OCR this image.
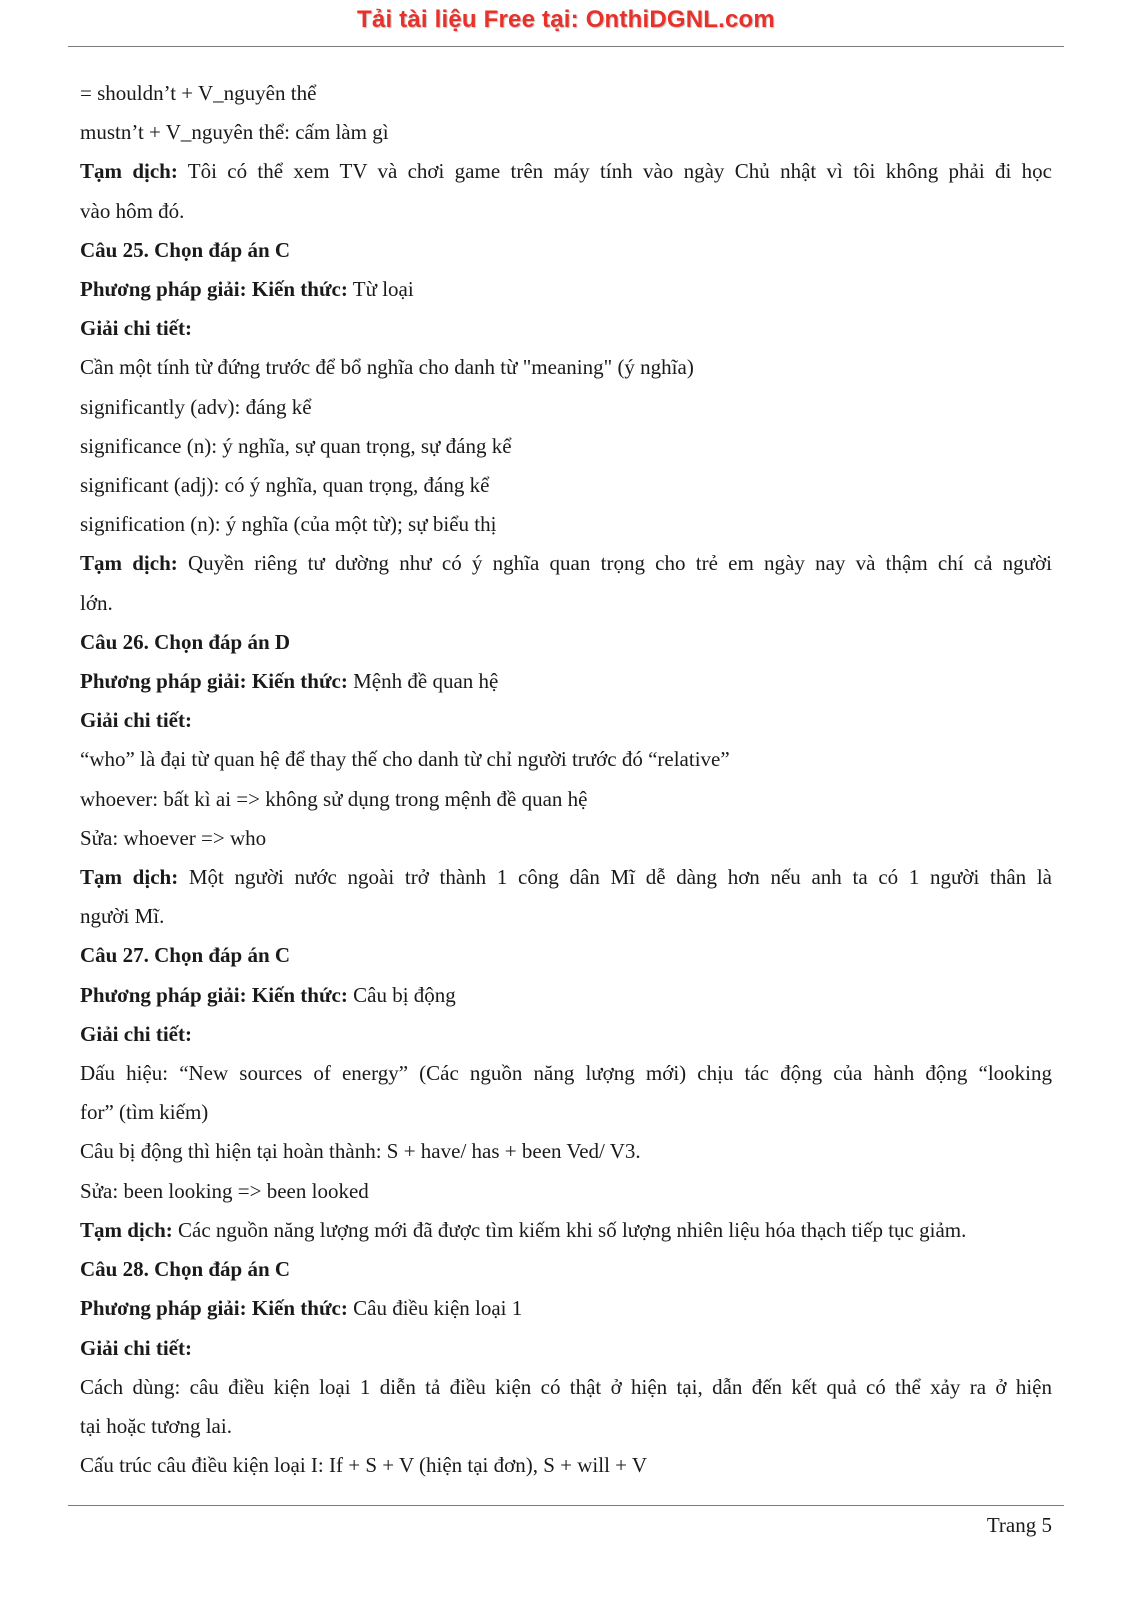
Tải tài liệu Free tại: OnthiDGNL.com
= shouldn’t + V_nguyên thể
mustn’t + V_nguyên thể: cấm làm gì
Tạm dịch: Tôi có thể xem TV và chơi game trên máy tính vào ngày Chủ nhật vì tôi không phải đi học
vào hôm đó.
Câu 25. Chọn đáp án C
Phương pháp giải: Kiến thức: Từ loại
Giải chi tiết:
Cần một tính từ đứng trước để bổ nghĩa cho danh từ "meaning" (ý nghĩa)
significantly (adv): đáng kể
significance (n): ý nghĩa, sự quan trọng, sự đáng kể
significant (adj): có ý nghĩa, quan trọng, đáng kể
signification (n): ý nghĩa (của một từ); sự biểu thị
Tạm dịch: Quyền riêng tư dường như có ý nghĩa quan trọng cho trẻ em ngày nay và thậm chí cả người
lớn.
Câu 26. Chọn đáp án D
Phương pháp giải: Kiến thức: Mệnh đề quan hệ
Giải chi tiết:
“who” là đại từ quan hệ để thay thế cho danh từ chỉ người trước đó “relative”
whoever: bất kì ai => không sử dụng trong mệnh đề quan hệ
Sửa: whoever => who
Tạm dịch: Một người nước ngoài trở thành 1 công dân Mĩ dễ dàng hơn nếu anh ta có 1 người thân là
người Mĩ.
Câu 27. Chọn đáp án C
Phương pháp giải: Kiến thức: Câu bị động
Giải chi tiết:
Dấu hiệu: “New sources of energy” (Các nguồn năng lượng mới) chịu tác động của hành động “looking
for” (tìm kiếm)
Câu bị động thì hiện tại hoàn thành: S + have/ has + been Ved/ V3.
Sửa: been looking => been looked
Tạm dịch: Các nguồn năng lượng mới đã được tìm kiếm khi số lượng nhiên liệu hóa thạch tiếp tục giảm.
Câu 28. Chọn đáp án C
Phương pháp giải: Kiến thức: Câu điều kiện loại 1
Giải chi tiết:
Cách dùng: câu điều kiện loại 1 diễn tả điều kiện có thật ở hiện tại, dẫn đến kết quả có thể xảy ra ở hiện
tại hoặc tương lai.
Cấu trúc câu điều kiện loại I: If + S + V (hiện tại đơn), S + will + V
Trang 5
